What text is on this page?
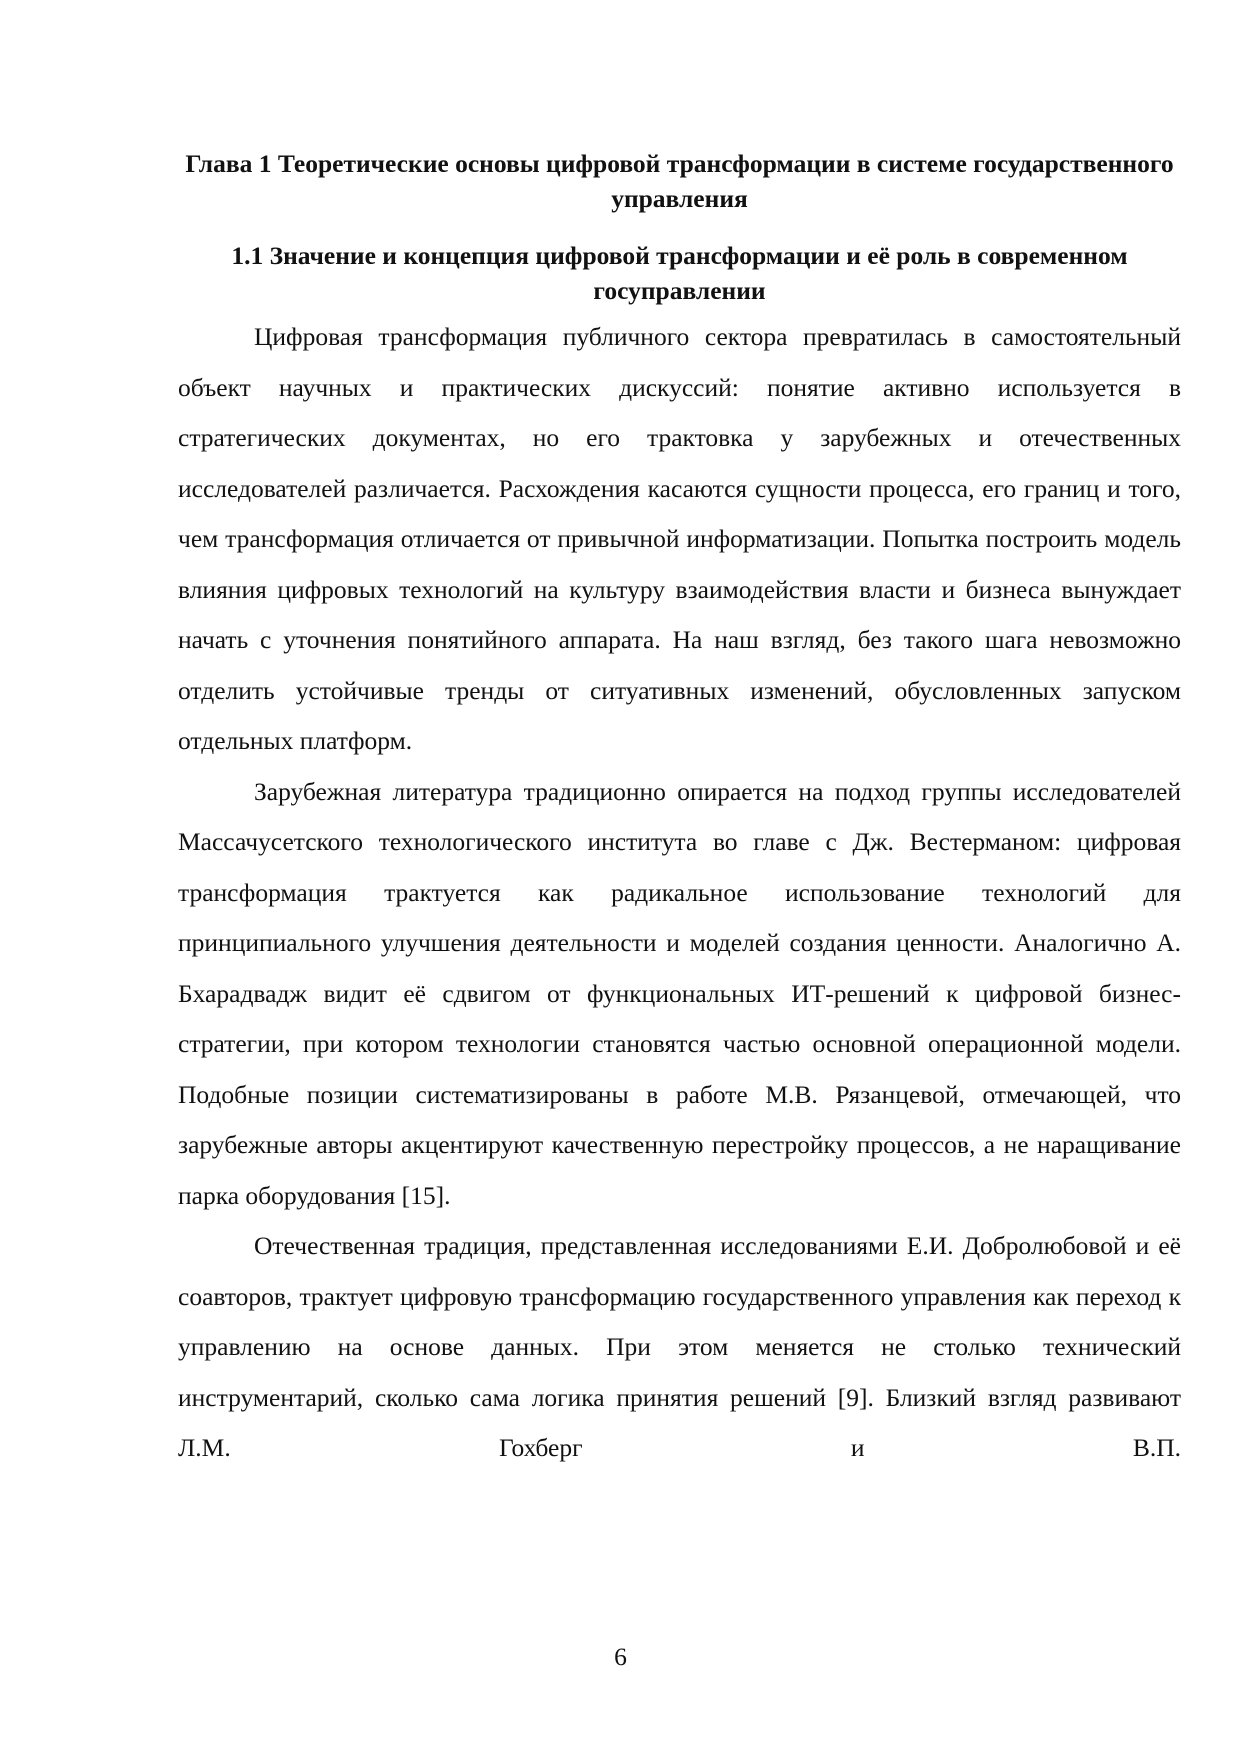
Глава 1 Теоретические основы цифровой трансформации в системе государственного управления
1.1 Значение и концепция цифровой трансформации и её роль в современном госуправлении

Цифровая трансформация публичного сектора превратилась в самостоятельный объект научных и практических дискуссий: понятие активно используется в стратегических документах, но его трактовка у зарубежных и отечественных исследователей различается. Расхождения касаются сущности процесса, его границ и того, чем трансформация отличается от привычной информатизации. Попытка построить модель влияния цифровых технологий на культуру взаимодействия власти и бизнеса вынуждает начать с уточнения понятийного аппарата. На наш взгляд, без такого шага невозможно отделить устойчивые тренды от ситуативных изменений, обусловленных запуском отдельных платформ.

Зарубежная литература традиционно опирается на подход группы исследователей Массачусетского технологического института во главе с Дж. Вестерманом: цифровая трансформация трактуется как радикальное использование технологий для принципиального улучшения деятельности и моделей создания ценности. Аналогично А. Бхарадвадж видит её сдвигом от функциональных ИТ-решений к цифровой бизнес-стратегии, при котором технологии становятся частью основной операционной модели. Подобные позиции систематизированы в работе М.В. Рязанцевой, отмечающей, что зарубежные авторы акцентируют качественную перестройку процессов, а не наращивание парка оборудования [15].

Отечественная традиция, представленная исследованиями Е.И. Добролюбовой и её соавторов, трактует цифровую трансформацию государственного управления как переход к управлению на основе данных. При этом меняется не столько технический инструментарий, сколько сама логика принятия решений [9]. Близкий взгляд развивают Л.М. Гохберг и В.П.

6
